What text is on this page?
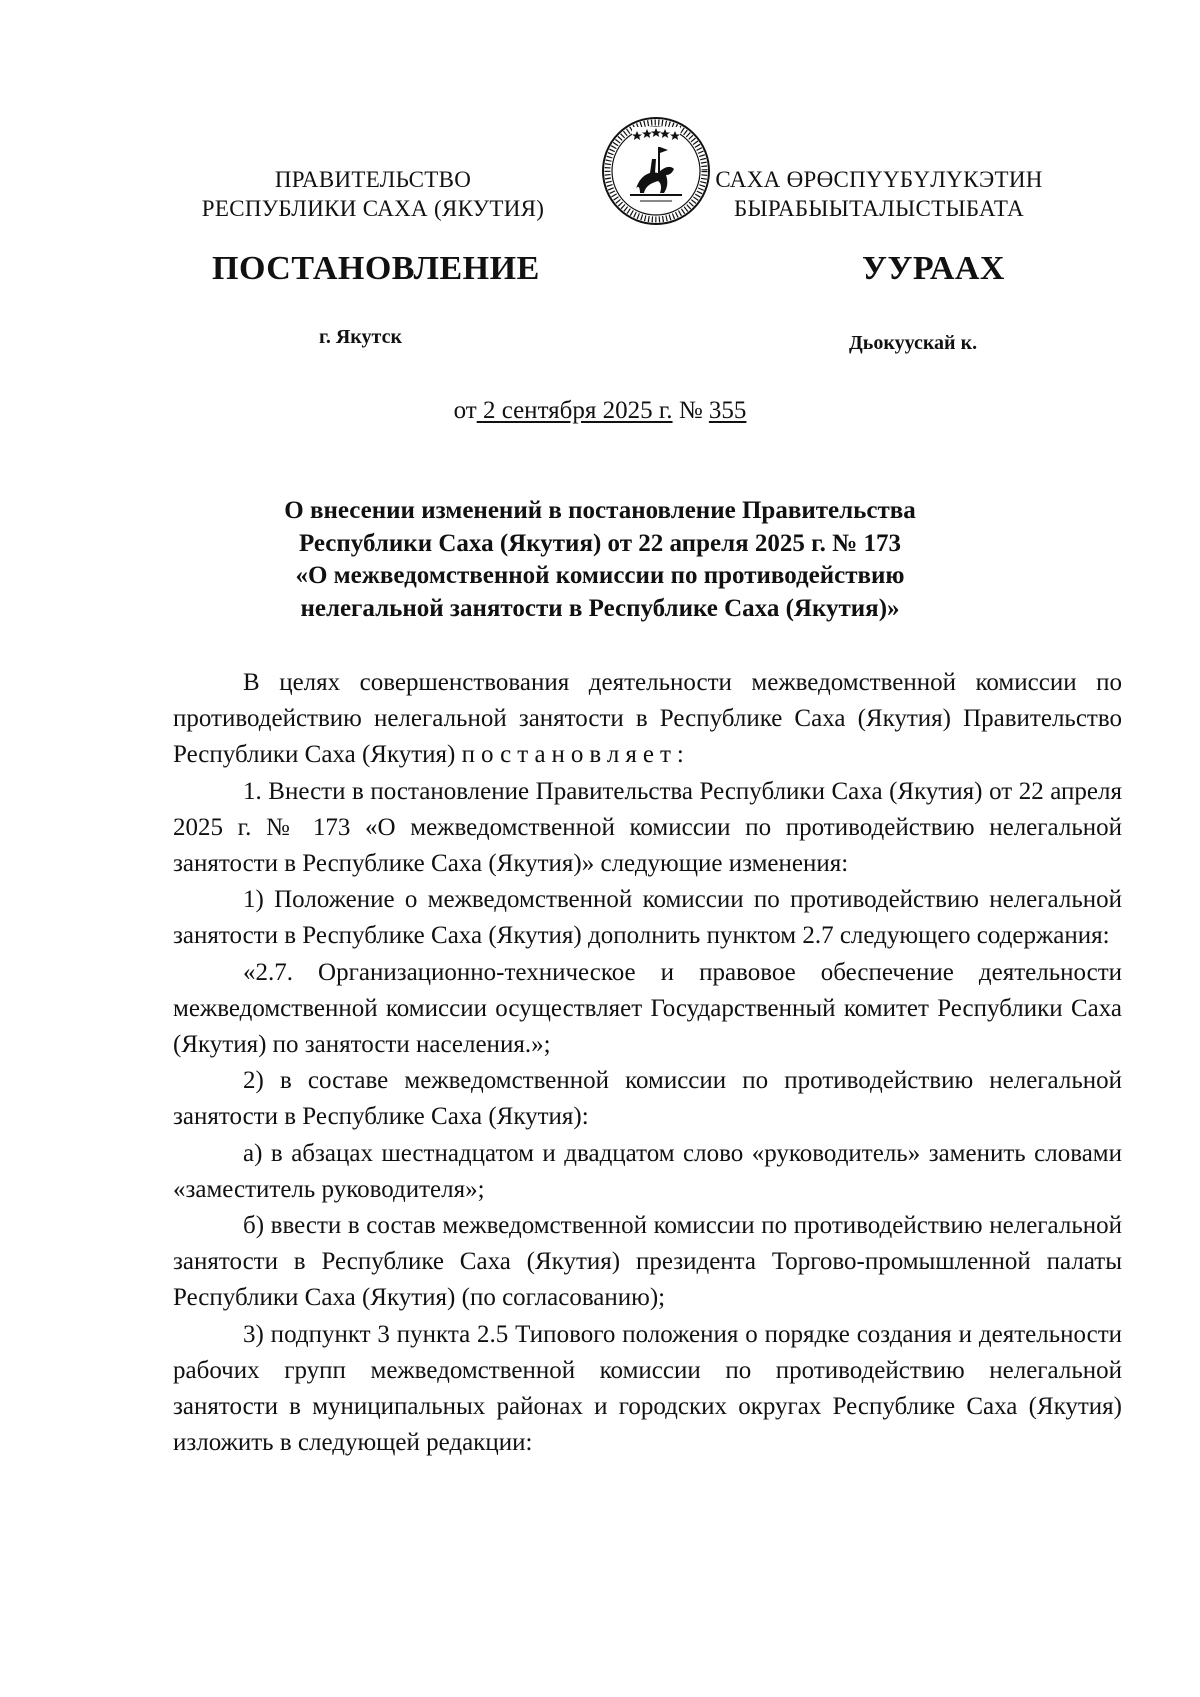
ПРАВИТЕЛЬСТВО
РЕСПУБЛИКИ САХА (ЯКУТИЯ)
САХА ӨРӨСПҮҮБҮЛҮКЭТИН
БЫРАБЫЫТАЛЫСТЫБАТА
ПОСТАНОВЛЕНИЕ	УУРААХ
г. Якутск	Дьокуускай к.
от 2 сентября 2025 г. № 355
О внесении изменений в постановление Правительства
Республики Саха (Якутия) от 22 апреля 2025 г. № 173
«О межведомственной комиссии по противодействию
нелегальной занятости в Республике Саха (Якутия)»

В целях совершенствования деятельности межведомственной комиссии по противодействию нелегальной занятости в Республике Саха (Якутия) Правительство Республики Саха (Якутия) постановляет:

1. Внести в постановление Правительства Республики Саха (Якутия) от 22 апреля 2025 г. № 173 «О межведомственной комиссии по противодействию нелегальной занятости в Республике Саха (Якутия)» следующие изменения:

1) Положение о межведомственной комиссии по противодействию нелегальной занятости в Республике Саха (Якутия) дополнить пунктом 2.7 следующего содержания:

«2.7. Организационно-техническое и правовое обеспечение деятельности межведомственной комиссии осуществляет Государственный комитет Республики Саха (Якутия) по занятости населения.»;

2) в составе межведомственной комиссии по противодействию нелегальной занятости в Республике Саха (Якутия):

а) в абзацах шестнадцатом и двадцатом слово «руководитель» заменить словами «заместитель руководителя»;

б) ввести в состав межведомственной комиссии по противодействию нелегальной занятости в Республике Саха (Якутия) президента Торгово-промышленной палаты Республики Саха (Якутия) (по согласованию);

3) подпункт 3 пункта 2.5 Типового положения о порядке создания и деятельности рабочих групп межведомственной комиссии по противодействию нелегальной занятости в муниципальных районах и городских округах Республике Саха (Якутия) изложить в следующей редакции:
